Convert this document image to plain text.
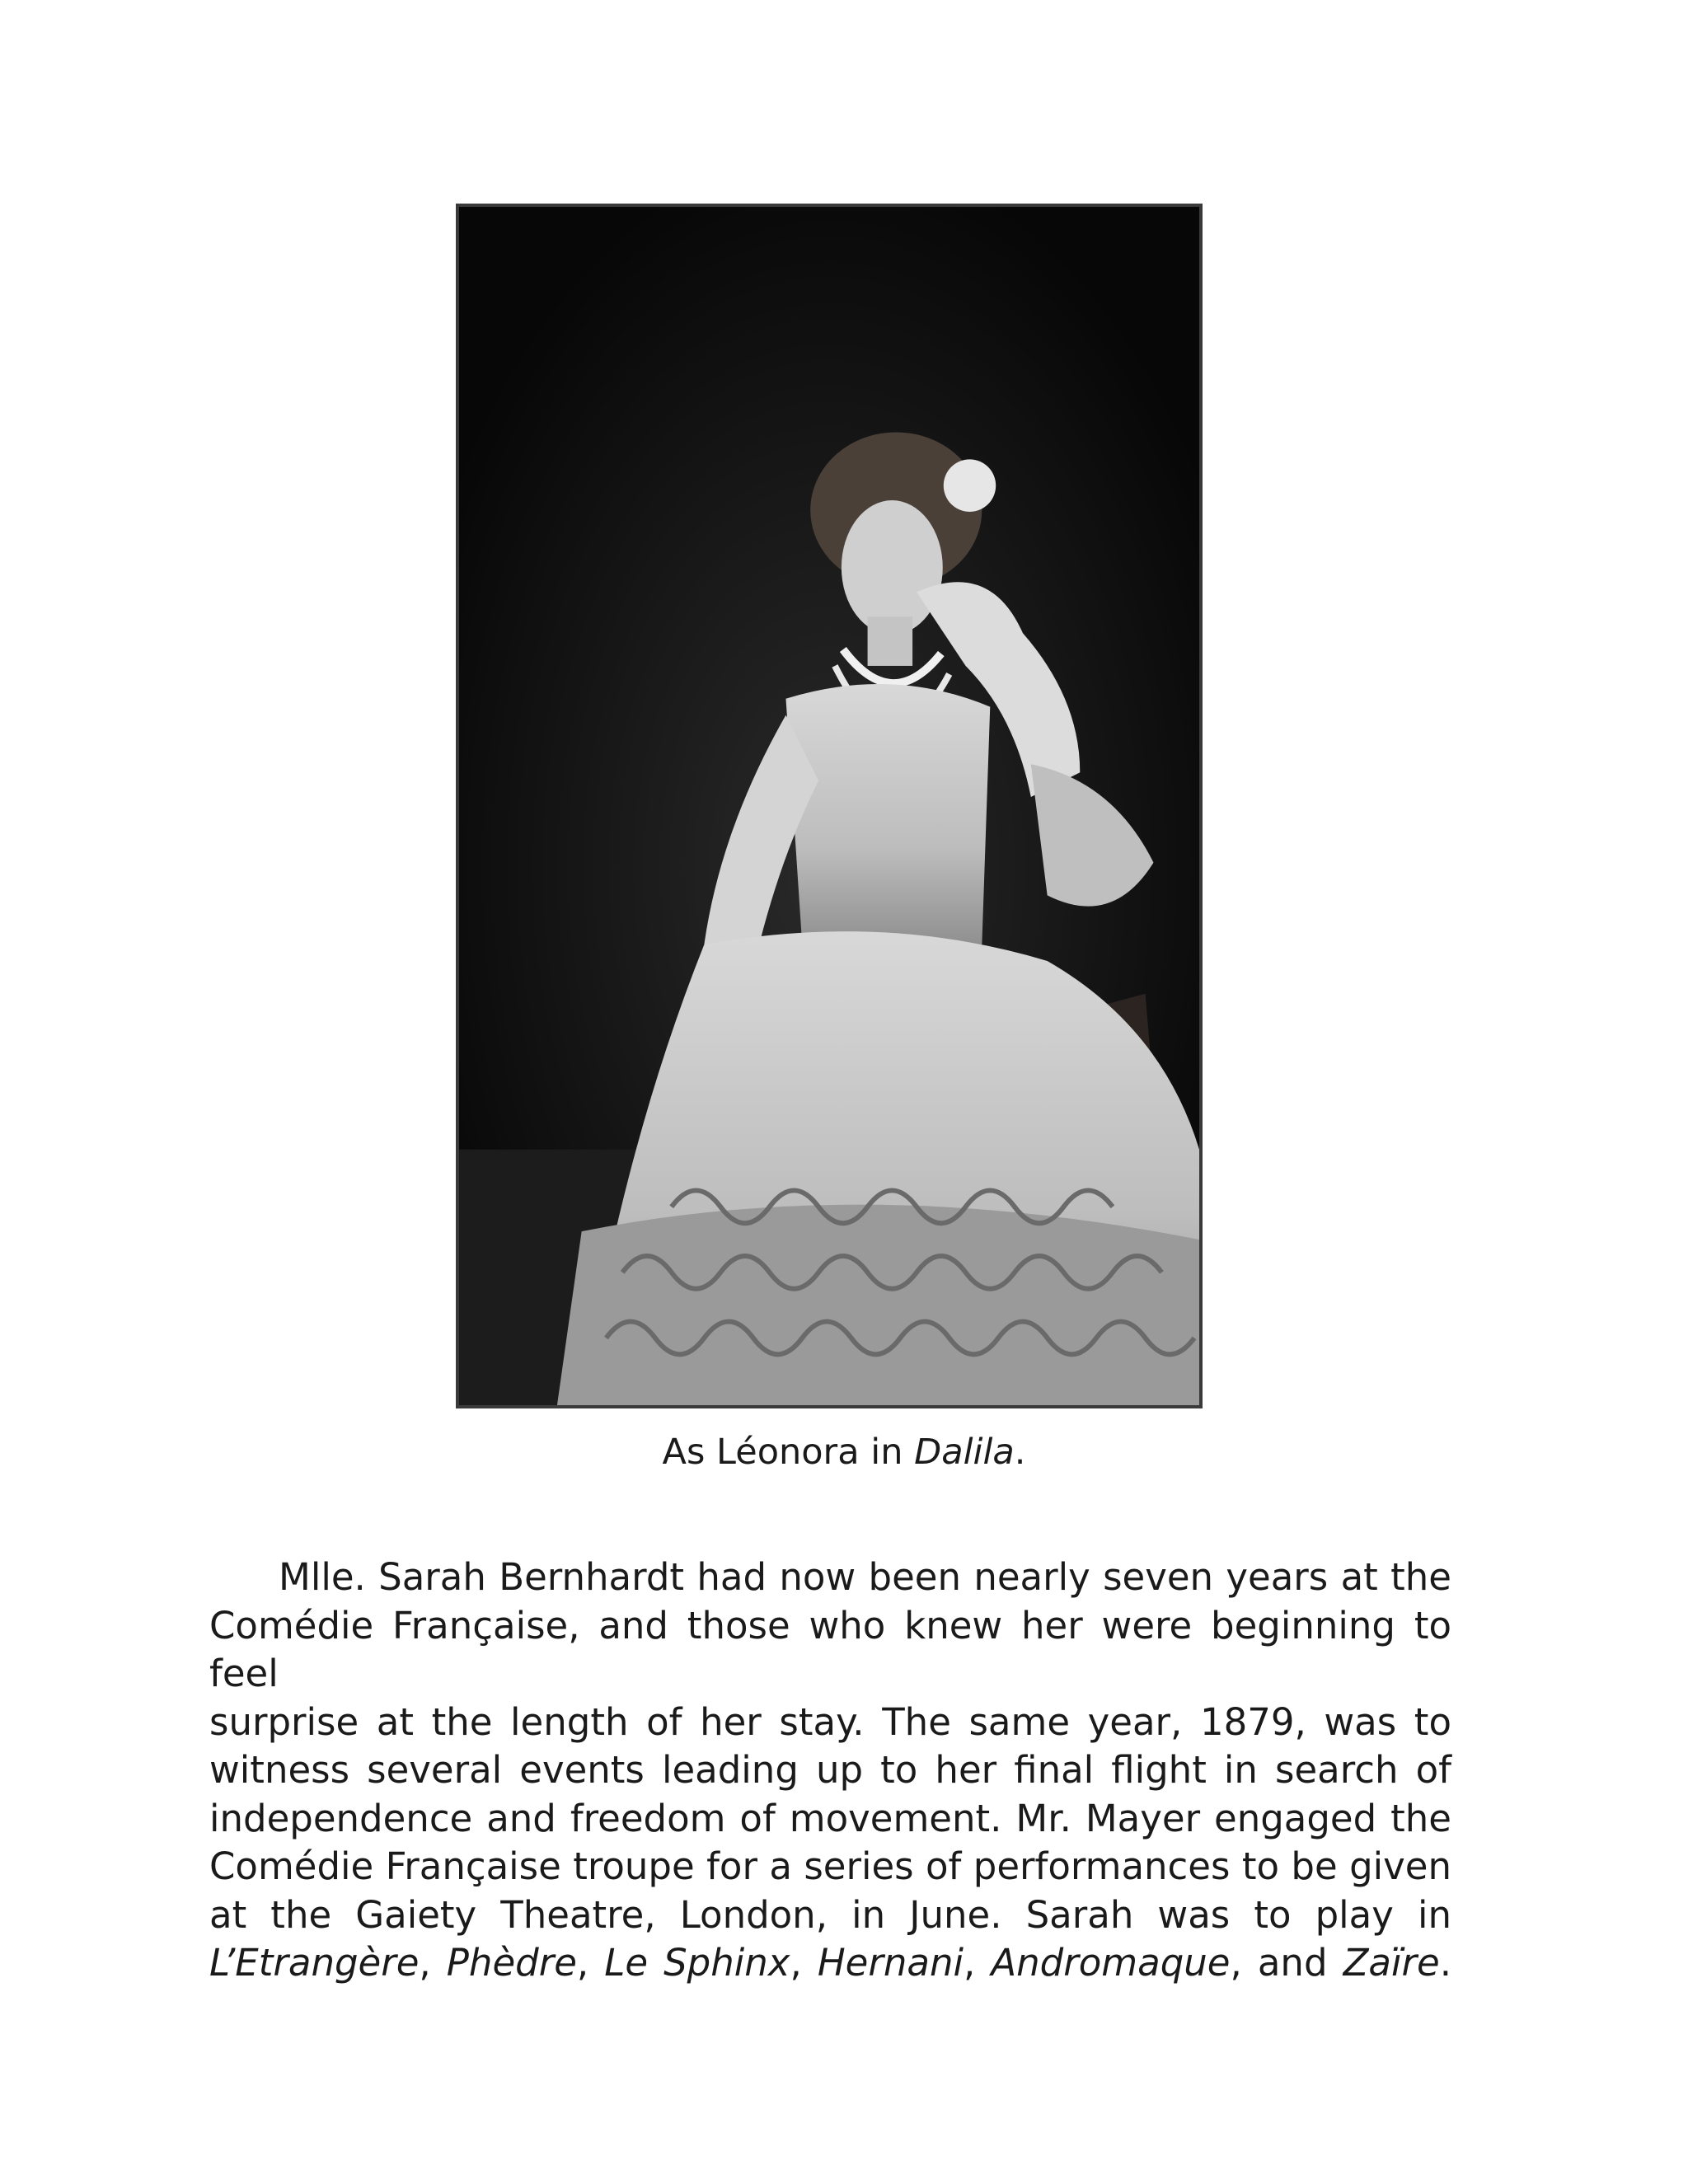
As Léonora in Dalila.

Mlle. Sarah Bernhardt had now been nearly seven years at the
Comédie Française, and those who knew her were beginning to feel
surprise at the length of her stay. The same year, 1879, was to
witness several events leading up to her final flight in search of
independence and freedom of movement. Mr. Mayer engaged the
Comédie Française troupe for a series of performances to be given
at the Gaiety Theatre, London, in June. Sarah was to play in
L’Etrangère, Phèdre, Le Sphinx, Hernani, Andromaque, and Zaïre.
